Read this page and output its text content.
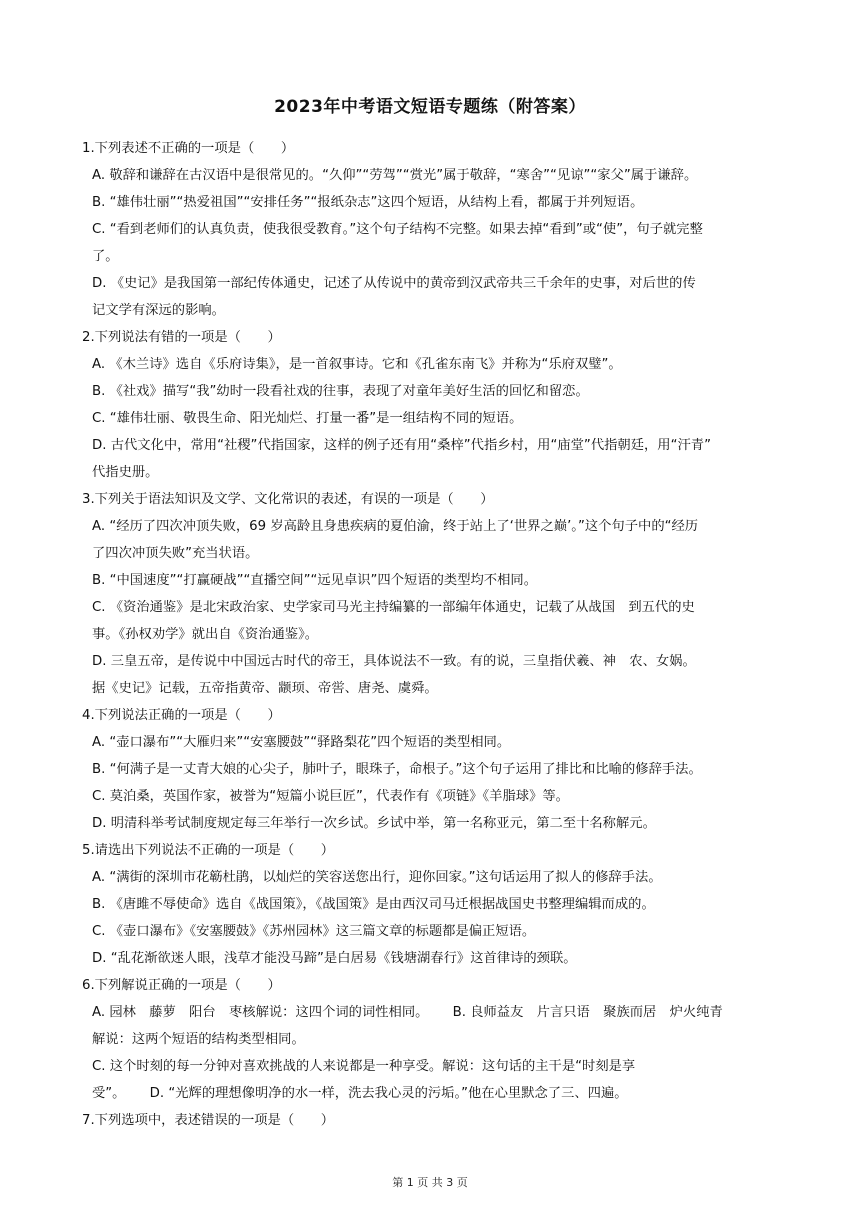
2023年中考语文短语专题练（附答案）
1.下列表述不正确的一项是（　　）
A. 敬辞和谦辞在古汉语中是很常见的。“久仰”“劳驾”“赏光”属于敬辞，“寒舍”“见谅”“家父”属于谦辞。
B. “雄伟壮丽”“热爱祖国”“安排任务”“报纸杂志”这四个短语，从结构上看，都属于并列短语。
C. “看到老师们的认真负责，使我很受教育。”这个句子结构不完整。如果去掉“看到”或“使”，句子就完整
了。
D. 《史记》是我国第一部纪传体通史，记述了从传说中的黄帝到汉武帝共三千余年的史事，对后世的传
记文学有深远的影响。
2.下列说法有错的一项是（　　）
A. 《木兰诗》选自《乐府诗集》，是一首叙事诗。它和《孔雀东南飞》并称为“乐府双璧”。
B. 《社戏》描写“我”幼时一段看社戏的往事，表现了对童年美好生活的回忆和留恋。
C. “雄伟壮丽、敬畏生命、阳光灿烂、打量一番”是一组结构不同的短语。
D. 古代文化中，常用“社稷”代指国家，这样的例子还有用“桑梓”代指乡村，用“庙堂”代指朝廷，用“汗青”
代指史册。
3.下列关于语法知识及文学、文化常识的表述，有误的一项是（　　）
A. “经历了四次冲顶失败，69 岁高龄且身患疾病的夏伯渝，终于站上了‘世界之巅’。”这个句子中的“经历
了四次冲顶失败”充当状语。
B. “中国速度”“打赢硬战”“直播空间”“远见卓识”四个短语的类型均不相同。
C. 《资治通鉴》是北宋政治家、史学家司马光主持编纂的一部编年体通史，记载了从战国　到五代的史
事。《孙权劝学》就出自《资治通鉴》。
D. 三皇五帝，是传说中中国远古时代的帝王，具体说法不一致。有的说，三皇指伏羲、神　农、女娲。
据《史记》记载，五帝指黄帝、颛顼、帝喾、唐尧、虞舜。
4.下列说法正确的一项是（　　）
A. “壶口瀑布”“大雁归来”“安塞腰鼓”“驿路梨花”四个短语的类型相同。
B. “何满子是一丈青大娘的心尖子，肺叶子，眼珠子，命根子。”这个句子运用了排比和比喻的修辞手法。
C. 莫泊桑，英国作家，被誉为“短篇小说巨匠”，代表作有《项链》《羊脂球》等。
D. 明清科举考试制度规定每三年举行一次乡试。乡试中举，第一名称亚元，第二至十名称解元。
5.请选出下列说法不正确的一项是（　　）
A. “满街的深圳市花簕杜鹃，以灿烂的笑容送您出行，迎你回家。”这句话运用了拟人的修辞手法。
B. 《唐雎不辱使命》选自《战国策》，《战国策》是由西汉司马迁根据战国史书整理编辑而成的。
C. 《壶口瀑布》《安塞腰鼓》《苏州园林》这三篇文章的标题都是偏正短语。
D. “乱花渐欲迷人眼，浅草才能没马蹄”是白居易《钱塘湖春行》这首律诗的颈联。
6.下列解说正确的一项是（　　）
A. 园林　藤萝　阳台　枣核解说：这四个词的词性相同。　　 B. 良师益友　片言只语　聚族而居　炉火纯青
解说：这两个短语的结构类型相同。
C. 这个时刻的每一分钟对喜欢挑战的人来说都是一种享受。解说：这句话的主干是“时刻是享
受”。　　 D. “光辉的理想像明净的水一样，洗去我心灵的污垢。”他在心里默念了三、四遍。
7.下列选项中，表述错误的一项是（　　）
第 1 页 共 3 页
